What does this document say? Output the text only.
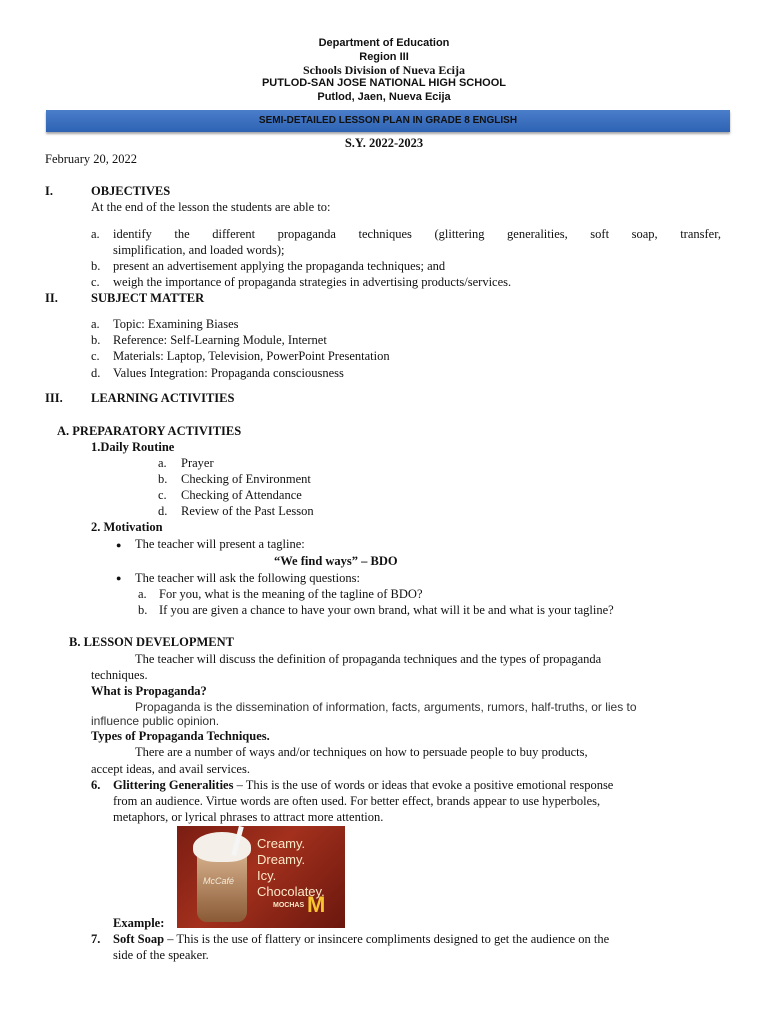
Department of Education
Region III
Schools Division of Nueva Ecija
PUTLOD-SAN JOSE NATIONAL HIGH SCHOOL
Putlod, Jaen, Nueva Ecija
SEMI-DETAILED LESSON PLAN IN GRADE 8 ENGLISH
S.Y. 2022-2023
February 20, 2022
I.	OBJECTIVES
At the end of the lesson the students are able to:
a. identify the different propaganda techniques (glittering generalities, soft soap, transfer,
simplification, and loaded words);
b. present an advertisement applying the propaganda techniques; and
c. weigh the importance of propaganda strategies in advertising products/services.
II.	SUBJECT MATTER
a. Topic: Examining Biases
b. Reference: Self-Learning Module, Internet
c. Materials: Laptop, Television, PowerPoint Presentation
d. Values Integration: Propaganda consciousness
III. LEARNING ACTIVITIES
A. PREPARATORY ACTIVITIES
1.Daily Routine
a. Prayer
b. Checking of Environment
c. Checking of Attendance
d. Review of the Past Lesson
2. Motivation
● The teacher will present a tagline:
“We find ways” – BDO
● The teacher will ask the following questions:
a. For you, what is the meaning of the tagline of BDO?
b. If you are given a chance to have your own brand, what will it be and what is your tagline?
B. LESSON DEVELOPMENT
The teacher will discuss the definition of propaganda techniques and the types of propaganda
techniques.
What is Propaganda?
Propaganda is the dissemination of information, facts, arguments, rumors, half-truths, or lies to
influence public opinion.
Types of Propaganda Techniques.
There are a number of ways and/or techniques on how to persuade people to buy products,
accept ideas, and avail services.
6. Glittering Generalities – This is the use of words or ideas that evoke a positive emotional response
from an audience. Virtue words are often used. For better effect, brands appear to use hyperboles,
metaphors, or lyrical phrases to attract more attention.
Example:
Creamy. Dreamy.
Icy. Chocolatey.
McCafé
MOCHAS M
7. Soft Soap – This is the use of flattery or insincere compliments designed to get the audience on the
side of the speaker.
